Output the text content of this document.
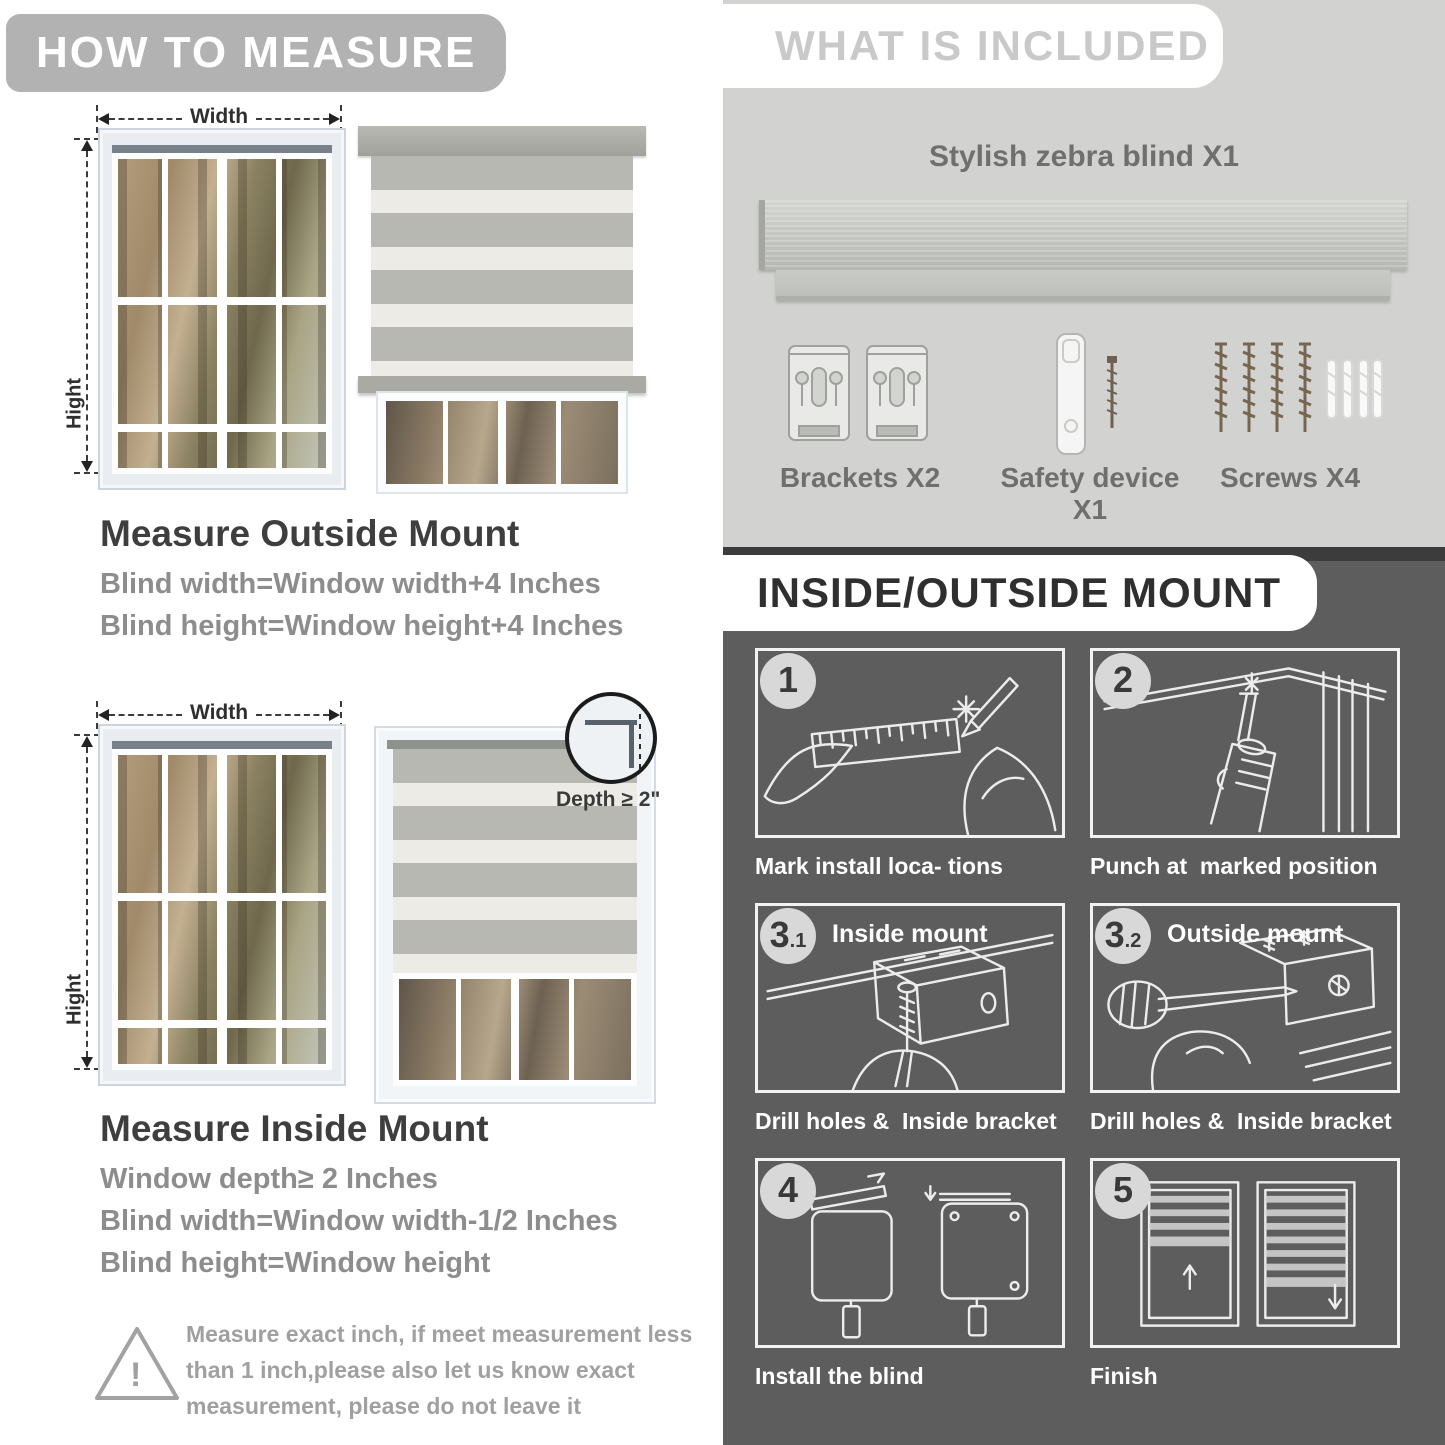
HOW TO MEASURE
Width
Hight
Measure Outside Mount
Blind width=Window width+4 Inches
Blind height=Window height+4 Inches
Width
Hight
Depth ≥ 2"
Measure Inside Mount
Window depth≥ 2 Inches
Blind width=Window width-1/2 Inches
Blind height=Window height
!
Measure exact inch, if meet measurement less
than 1 inch,please also let us know exact
measurement, please do not leave it
WHAT IS INCLUDED
Stylish zebra blind X1
Brackets X2	Safety device X1
Screws X4
INSIDE/OUTSIDE MOUNT
1
Mark install loca- tions
2
Punch at  marked position
3 .1 Inside mount
Drill holes &  Inside bracket
3 .2 Outside mount
Drill holes &  Inside bracket
4
Install the blind
5
Finish
